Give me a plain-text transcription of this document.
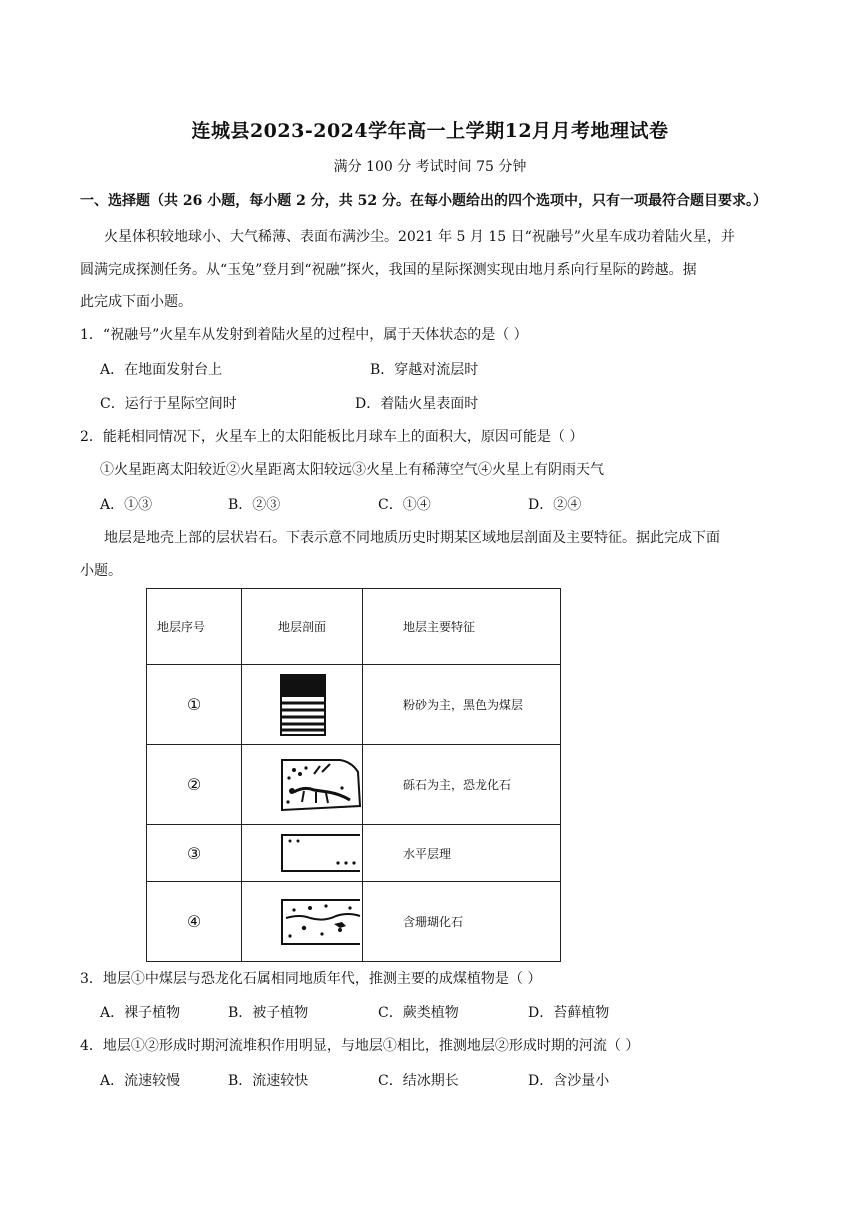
连城县2023-2024学年高一上学期12月月考地理试卷
满分 100 分 考试时间 75 分钟
一、选择题（共 26 小题，每小题 2 分，共 52 分。在每小题给出的四个选项中，只有一项最符合题目要求。）
火星体积较地球小、大气稀薄、表面布满沙尘。2021 年 5 月 15 日“祝融号”火星车成功着陆火星，并
圆满完成探测任务。从“玉兔”登月到“祝融”探火，我国的星际探测实现由地月系向行星际的跨越。据
此完成下面小题。
1．“祝融号”火星车从发射到着陆火星的过程中，属于天体状态的是（ ）
A．在地面发射台上	B．穿越对流层时
C．运行于星际空间时	D．着陆火星表面时
2．能耗相同情况下，火星车上的太阳能板比月球车上的面积大，原因可能是（ ）
①火星距离太阳较近②火星距离太阳较远③火星上有稀薄空气④火星上有阴雨天气
A．①③	B．②③	C．①④	D．②④
地层是地壳上部的层状岩石。下表示意不同地质历史时期某区域地层剖面及主要特征。据此完成下面
小题。
地层序号	地层剖面	地层主要特征
①		粉砂为主，黑色为煤层
②		砾石为主，恐龙化石
③		水平层理
④		含珊瑚化石
3．地层①中煤层与恐龙化石属相同地质年代，推测主要的成煤植物是（ ）
A．裸子植物	B．被子植物	C．蕨类植物	D．苔藓植物
4．地层①②形成时期河流堆积作用明显，与地层①相比，推测地层②形成时期的河流（ ）
A．流速较慢	B．流速较快	C．结冰期长	D．含沙量小
